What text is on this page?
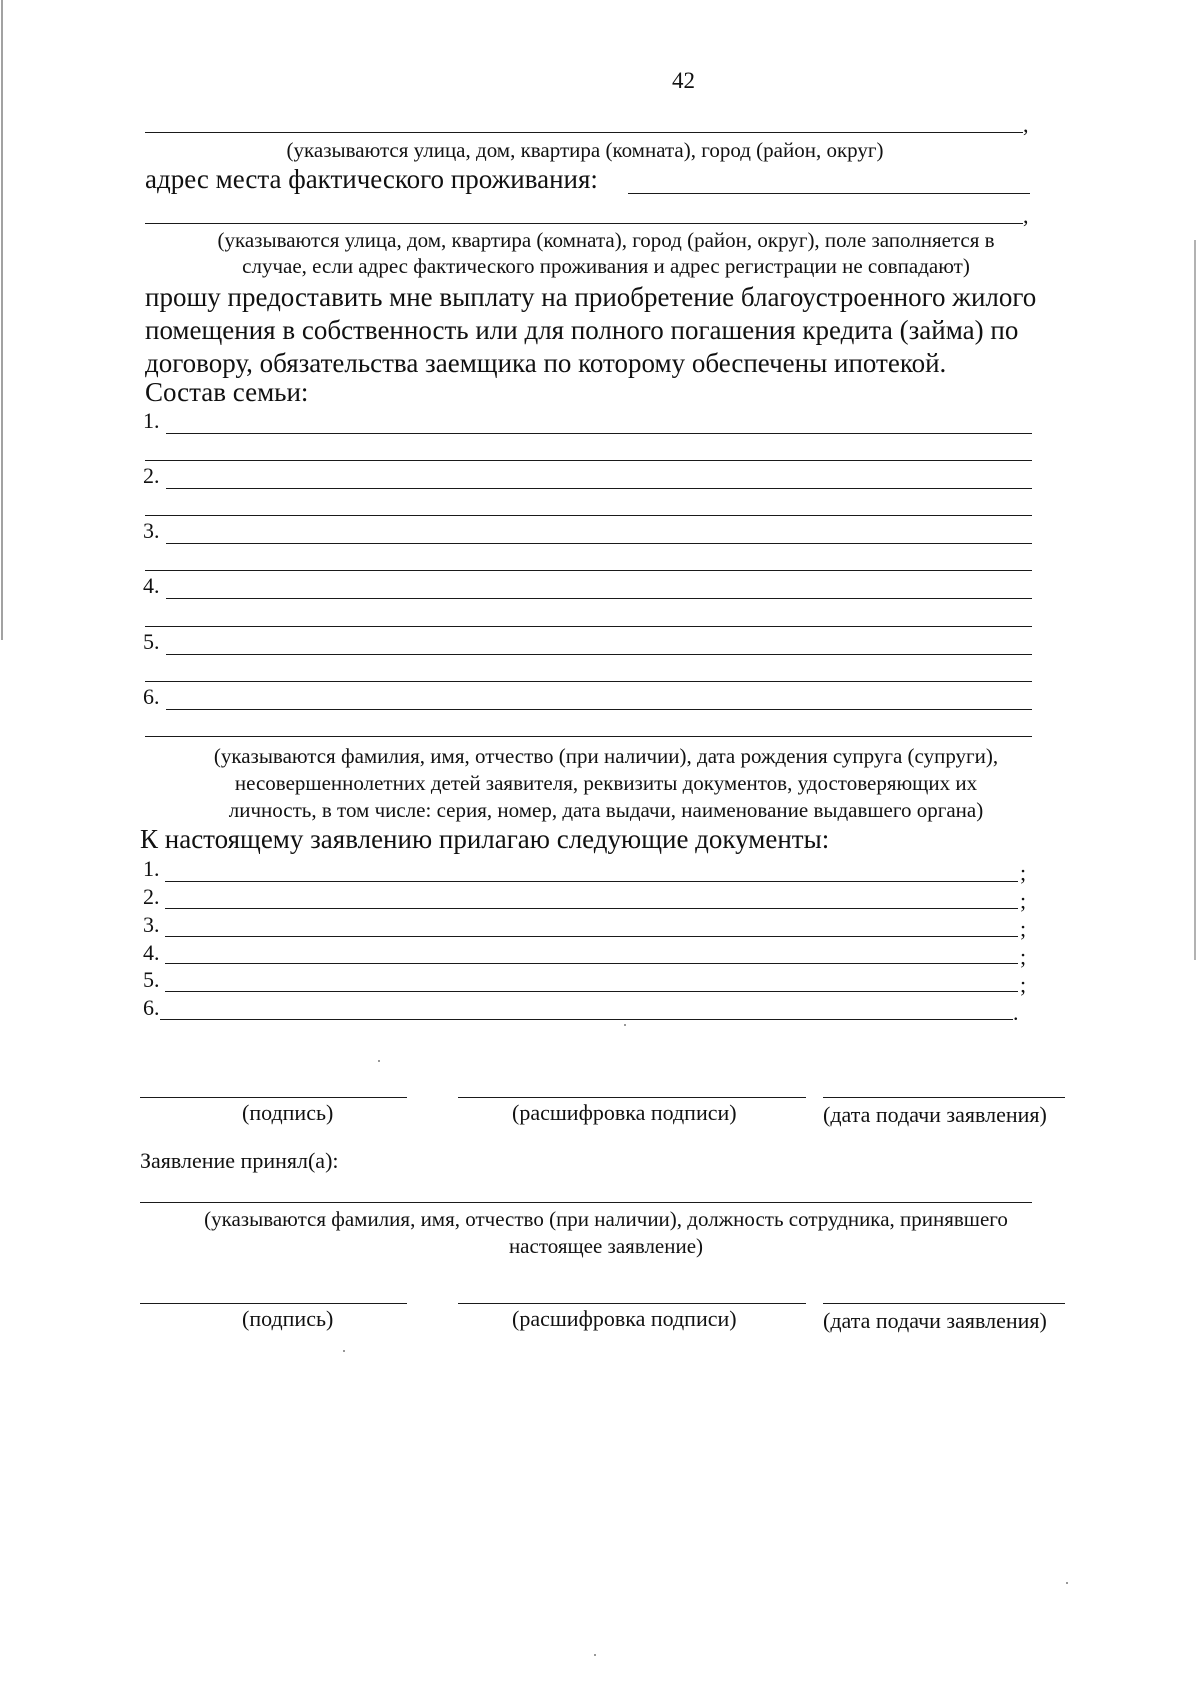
42
,
(указываются улица, дом, квартира (комната), город (район, округ)
адрес места фактического проживания:
,
(указываются улица, дом, квартира (комната), город (район, округ), поле заполняется в
случае, если адрес фактического проживания и адрес регистрации не совпадают)
прошу предоставить мне выплату на приобретение благоустроенного жилого
помещения в собственность или для полного погашения кредита (займа) по
договору, обязательства заемщика по которому обеспечены ипотекой.
Состав семьи:
1.
2.
3.
4.
5.
6.
(указываются фамилия, имя, отчество (при наличии), дата рождения супруга (супруги),
несовершеннолетних детей заявителя, реквизиты документов, удостоверяющих их
личность, в том числе: серия, номер, дата выдачи, наименование выдавшего органа)
К настоящему заявлению прилагаю следующие документы:
1.	;
2.	;
3.	;
4.	;
5.	;
6.	.
(подпись)	(расшифровка подписи)	(дата подачи заявления)
Заявление принял(а):
(указываются фамилия, имя, отчество (при наличии), должность сотрудника, принявшего
настоящее заявление)
(подпись)	(расшифровка подписи)	(дата подачи заявления)
